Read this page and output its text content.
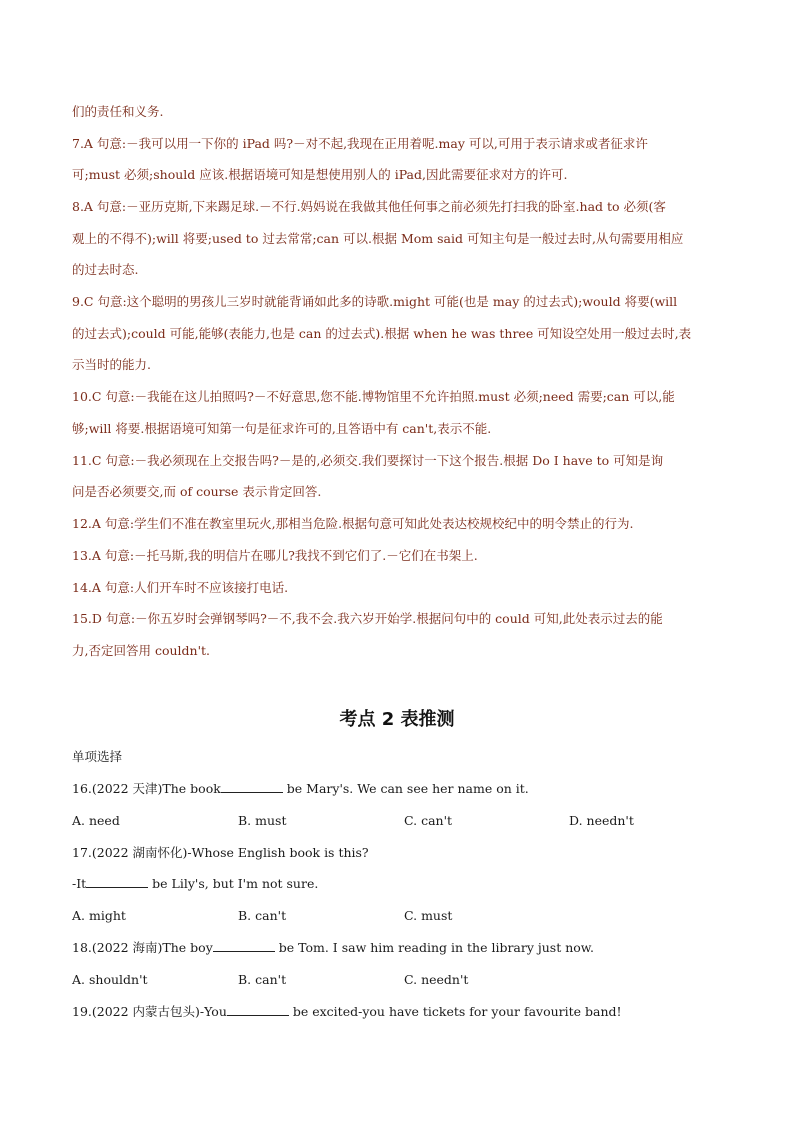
们的责任和义务.
7.A 句意:－我可以用一下你的 iPad 吗?－对不起,我现在正用着呢.may 可以,可用于表示请求或者征求许
可;must 必须;should 应该.根据语境可知是想使用别人的 iPad,因此需要征求对方的许可.
8.A 句意:－亚历克斯,下来踢足球.－不行.妈妈说在我做其他任何事之前必须先打扫我的卧室.had to 必须(客
观上的不得不);will 将要;used to 过去常常;can 可以.根据 Mom said 可知主句是一般过去时,从句需要用相应
的过去时态.
9.C 句意:这个聪明的男孩儿三岁时就能背诵如此多的诗歌.might 可能(也是 may 的过去式);would 将要(will
的过去式);could 可能,能够(表能力,也是 can 的过去式).根据 when he was three 可知设空处用一般过去时,表
示当时的能力.
10.C 句意:－我能在这儿拍照吗?－不好意思,您不能.博物馆里不允许拍照.must 必须;need 需要;can 可以,能
够;will 将要.根据语境可知第一句是征求许可的,且答语中有 can't,表示不能.
11.C 句意:－我必须现在上交报告吗?－是的,必须交.我们要探讨一下这个报告.根据 Do I have to 可知是询
问是否必须要交,而 of course 表示肯定回答.
12.A 句意:学生们不准在教室里玩火,那相当危险.根据句意可知此处表达校规校纪中的明令禁止的行为.
13.A 句意:－托马斯,我的明信片在哪儿?我找不到它们了.－它们在书架上.
14.A 句意:人们开车时不应该接打电话.
15.D 句意:－你五岁时会弹钢琴吗?－不,我不会.我六岁开始学.根据问句中的 could 可知,此处表示过去的能
力,否定回答用 couldn't.
考点 2 表推测
单项选择
16.(2022 天津)The book	be Mary's. We can see her name on it.
A. need	B. must	C. can't	D. needn't
17.(2022 湖南怀化)-Whose English book is this?
-It	be Lily's, but I'm not sure.
A. might	B. can't	C. must
18.(2022 海南)The boy	be Tom. I saw him reading in the library just now.
A. shouldn't	B. can't	C. needn't
19.(2022 内蒙古包头)-You	be excited-you have tickets for your favourite band!
